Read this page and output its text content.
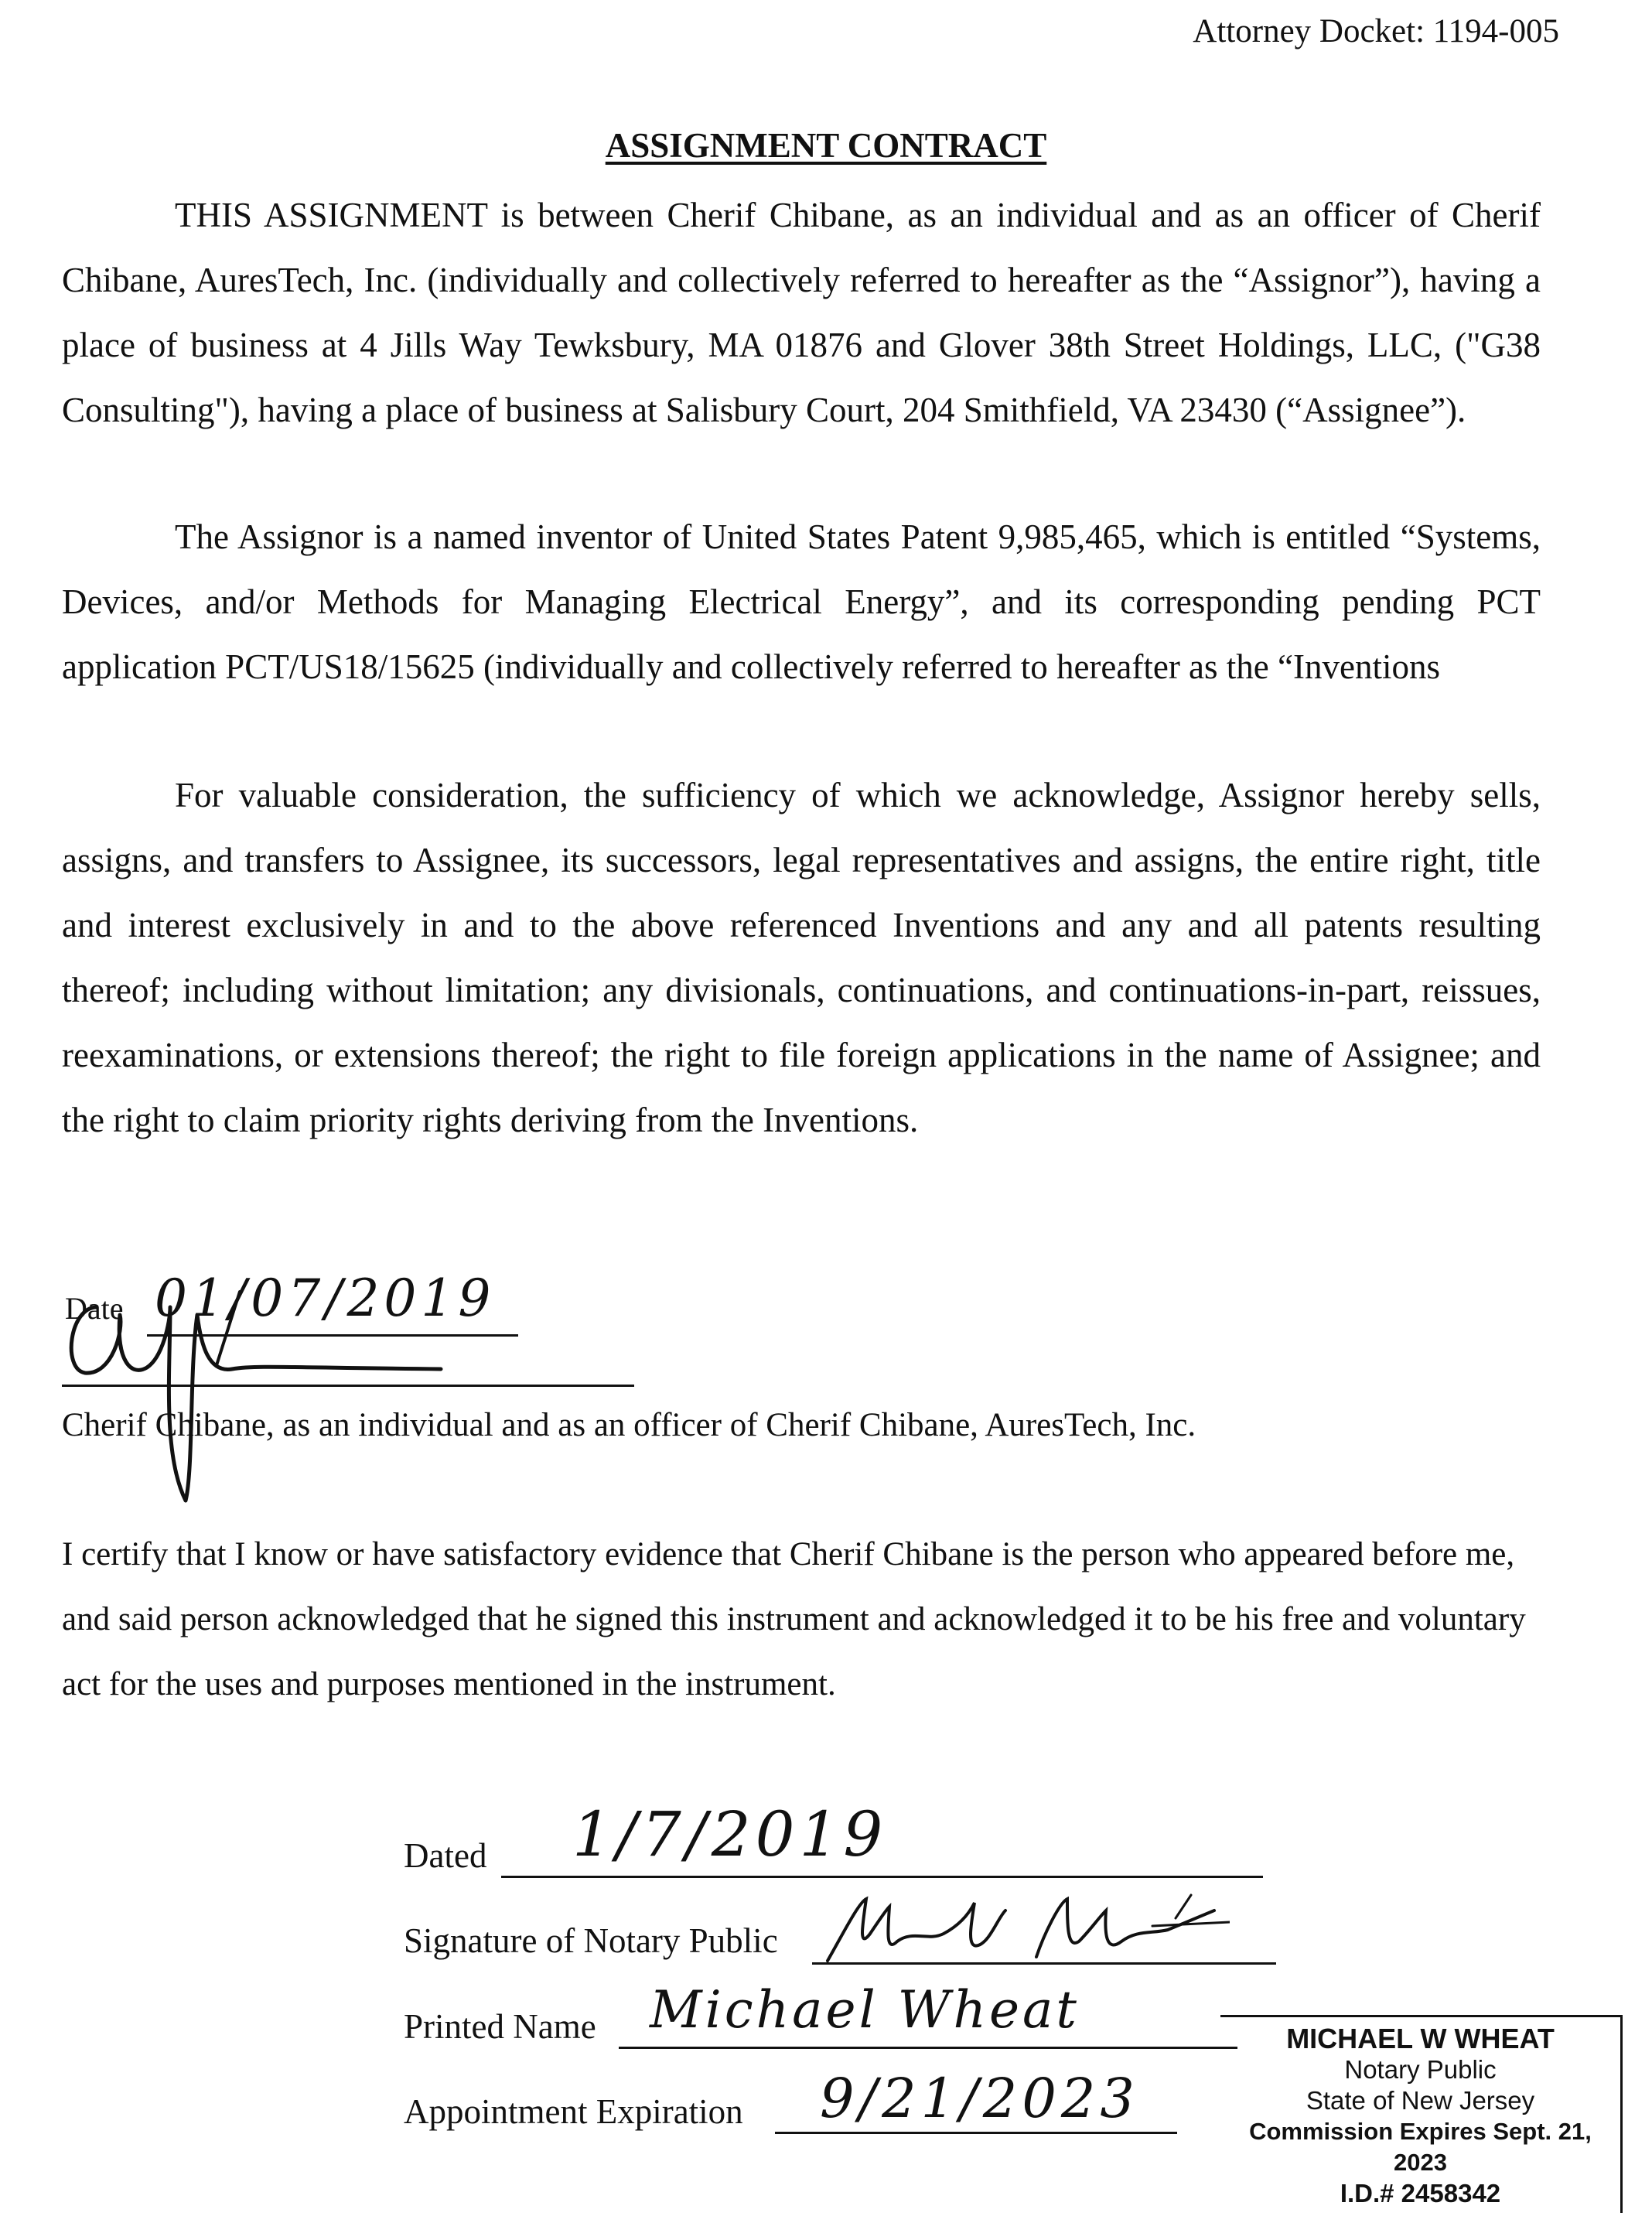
Attorney Docket: 1194-005
ASSIGNMENT CONTRACT

THIS ASSIGNMENT is between Cherif Chibane, as an individual and as an officer of Cherif Chibane, AuresTech, Inc. (individually and collectively referred to hereafter as the “Assignor”), having a place of business at 4 Jills Way Tewksbury, MA 01876 and Glover 38th Street Holdings, LLC, ("G38 Consulting"), having a place of business at Salisbury Court, 204 Smithfield, VA 23430 (“Assignee”).

The Assignor is a named inventor of United States Patent 9,985,465, which is entitled “Systems, Devices, and/or Methods for Managing Electrical Energy”, and its corresponding pending PCT application PCT/US18/15625 (individually and collectively referred to hereafter as the “Inventions

For valuable consideration, the sufficiency of which we acknowledge, Assignor hereby sells, assigns, and transfers to Assignee, its successors, legal representatives and assigns, the entire right, title and interest exclusively in and to the above referenced Inventions and any and all patents resulting thereof; including without limitation; any divisionals, continuations, and continuations-in-part, reissues, reexaminations, or extensions thereof; the right to file foreign applications in the name of Assignee; and the right to claim priority rights deriving from the Inventions.

Date 01/07/2019
Cherif Chibane, as an individual and as an officer of Cherif Chibane, AuresTech, Inc.

I certify that I know or have satisfactory evidence that Cherif Chibane is the person who appeared before me, and said person acknowledged that he signed this instrument and acknowledged it to be his free and voluntary act for the uses and purposes mentioned in the instrument.

Dated 1/7/2019
Signature of Notary Public
Printed Name Michael Wheat
Appointment Expiration 9/21/2023
MICHAEL W WHEAT
Notary Public
State of New Jersey
Commission Expires Sept. 21, 2023
I.D.# 2458342
